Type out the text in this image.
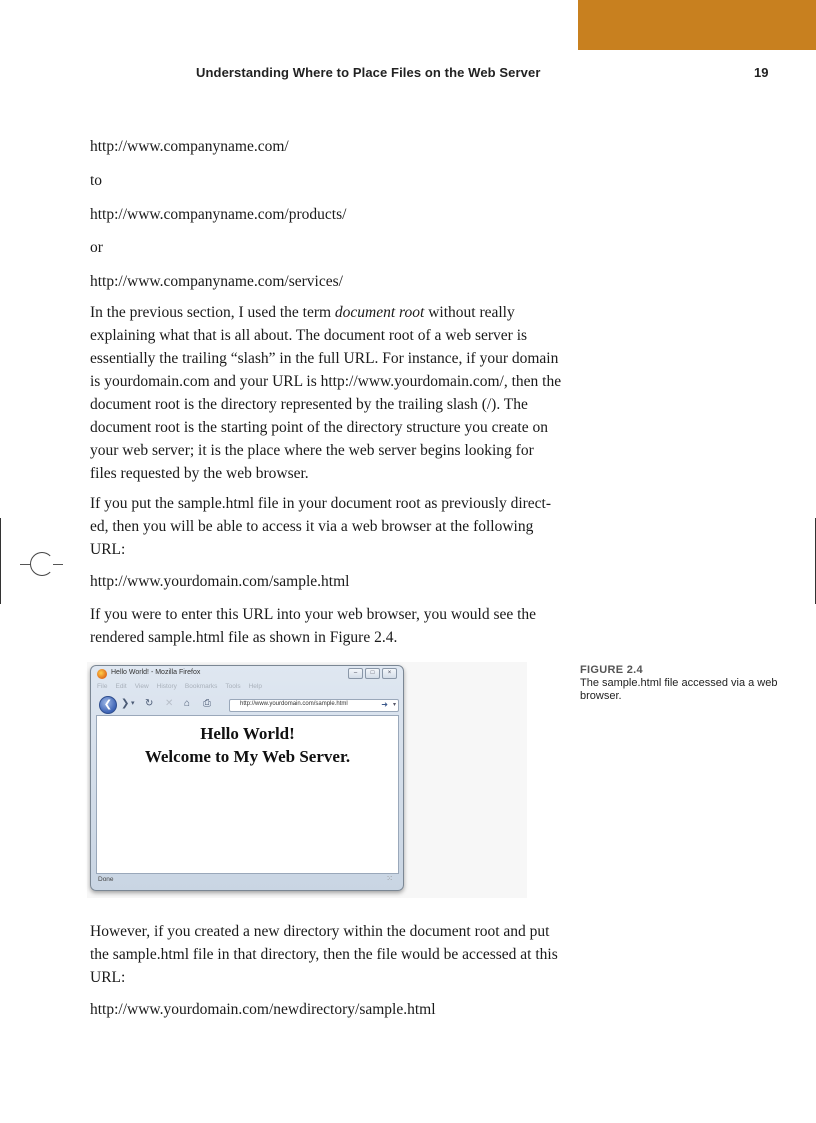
Understanding Where to Place Files on the Web Server	19
http://www.companyname.com/
to
http://www.companyname.com/products/
or
http://www.companyname.com/services/

In the previous section, I used the term document root without really explaining what that is all about. The document root of a web server is essentially the trailing “slash” in the full URL. For instance, if your domain is yourdomain.com and your URL is http://www.yourdomain.com/, then the document root is the directory represented by the trailing slash (/). The document root is the starting point of the directory structure you create on your web server; it is the place where the web server begins looking for files requested by the web browser.

If you put the sample.html file in your document root as previously direct-ed, then you will be able to access it via a web browser at the following URL:

http://www.yourdomain.com/sample.html

If you were to enter this URL into your web browser, you would see the rendered sample.html file as shown in Figure 2.4.

FIGURE 2.4
The sample.html file accessed via a web browser.
Hello World! - Mozilla Firefox	–	□	×
File Edit View History Bookmarks Tools Help
❮ ❯ ▾ ↻ ✕ ⌂ ⎙	http://www.yourdomain.com/sample.html	➜ ▾
Hello World!
Welcome to My Web Server.
Done	⁙

However, if you created a new directory within the document root and put the sample.html file in that directory, then the file would be accessed at this URL:

http://www.yourdomain.com/newdirectory/sample.html
